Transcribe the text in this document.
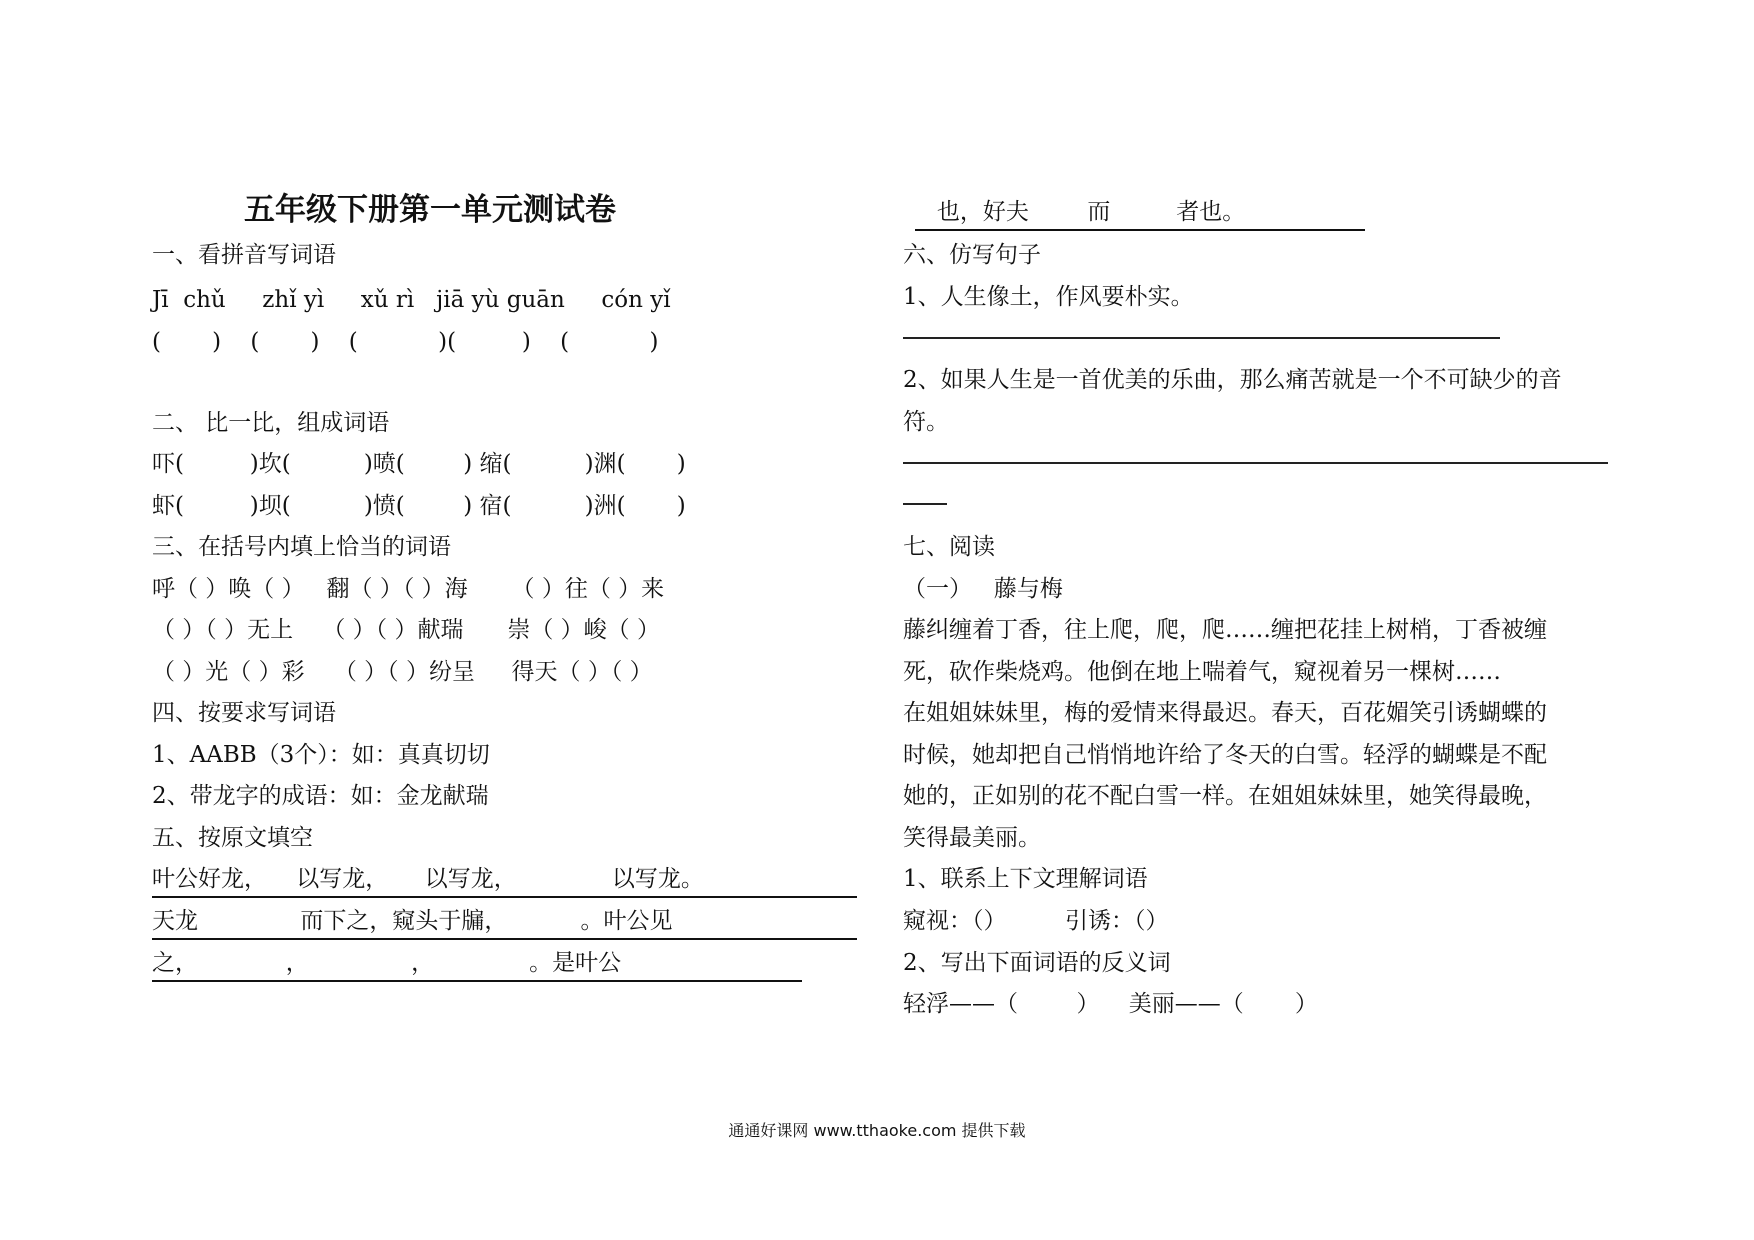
五年级下册第一单元测试卷
一、看拼音写词语
Jī  chǔ     zhǐ yì     xǔ rì   jiā yù guān     cón yǐ
(       )    (       )    (           )(         )    (           )
二、 比一比，组成词语
吓(         )坎(          )喷(        ) 缩(          )渊(       )
虾(         )坝(          )愤(        ) 宿(          )洲(       )
三、在括号内填上恰当的词语
呼（ ）唤（ ）   翻（ ）（ ）海      （ ）往（ ）来
（ ）（ ）无上    （ ）（ ）献瑞      崇（ ）峻（ ）
（ ）光（ ）彩    （ ）（ ）纷呈     得天（ ）（ ）
四、按要求写词语
1、AABB（3个）：如：真真切切
2、带龙字的成语：如：金龙献瑞
五、按原文填空
叶公好龙，    以写龙，     以写龙，             以写龙。
天龙              而下之，窥头于牖，          。叶公见
之，            ，              ，             。是叶公
也，好夫        而         者也。
六、仿写句子
1、人生像土，作风要朴实。
2、如果人生是一首优美的乐曲，那么痛苦就是一个不可缺少的音
符。
七、阅读
（一）   藤与梅
藤纠缠着丁香，往上爬，爬，爬……缠把花挂上树梢，丁香被缠
死，砍作柴烧鸡。他倒在地上喘着气，窥视着另一棵树……
在姐姐妹妹里，梅的爱情来得最迟。春天，百花媚笑引诱蝴蝶的
时候，她却把自己悄悄地许给了冬天的白雪。轻浮的蝴蝶是不配
她的，正如别的花不配白雪一样。在姐姐妹妹里，她笑得最晚，
笑得最美丽。
1、联系上下文理解词语
窥视：（）        引诱：（）
2、写出下面词语的反义词
轻浮——（        ）    美丽——（       ）
通通好课网 www.tthaoke.com 提供下载
